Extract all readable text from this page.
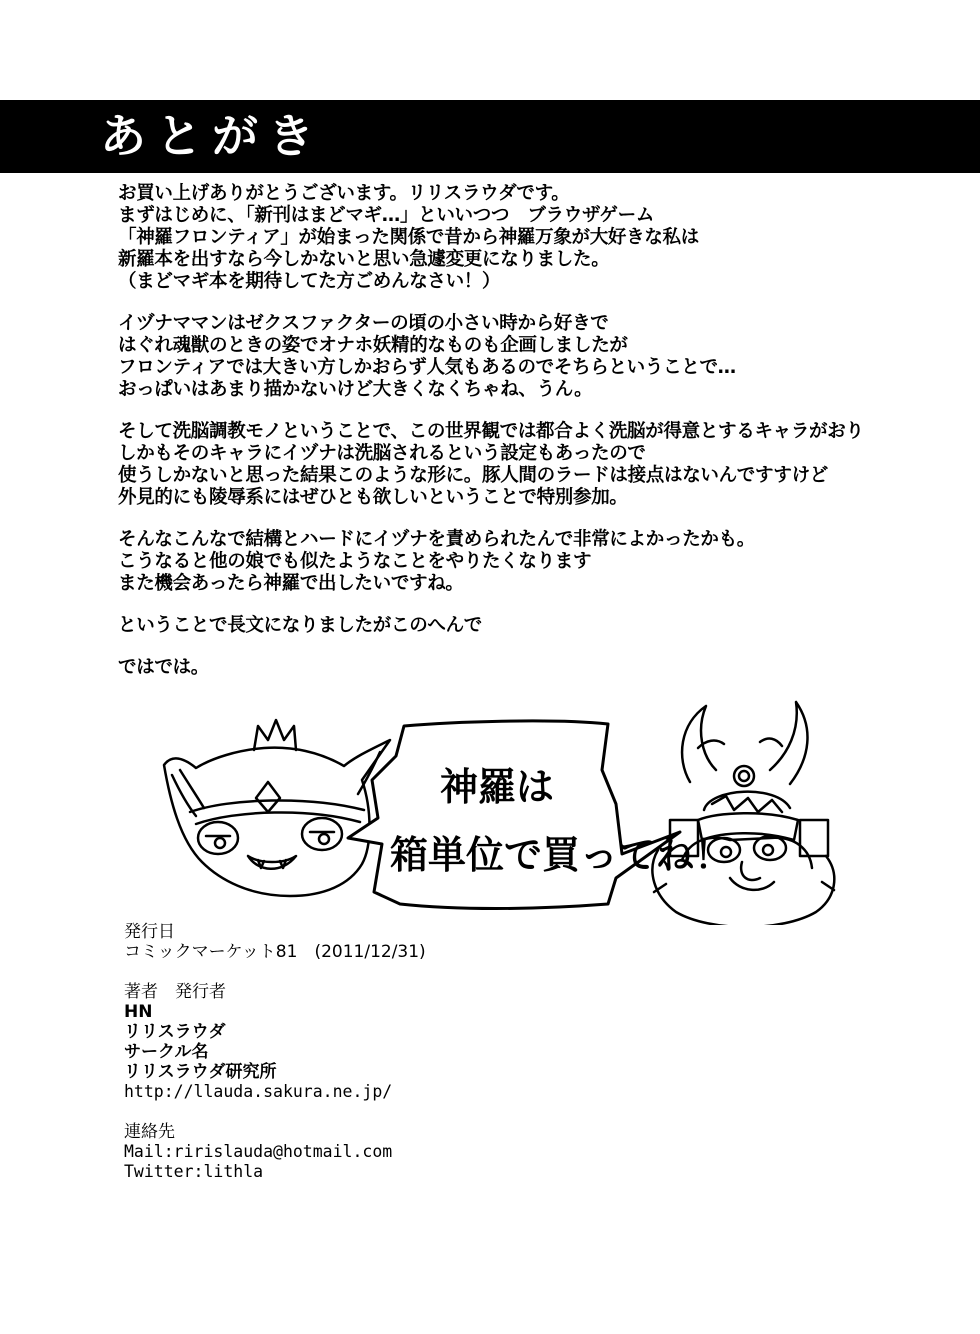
あとがき

お買い上げありがとうございます。リリスラウダです。
まずはじめに、「新刊はまどマギ…」といいつつ　ブラウザゲーム
「神羅フロンティア」が始まった関係で昔から神羅万象が大好きな私は
新羅本を出すなら今しかないと思い急遽変更になりました。
（まどマギ本を期待してた方ごめんなさい！）

イヅナママンはゼクスファクターの頃の小さい時から好きで
はぐれ魂獣のときの姿でオナホ妖精的なものも企画しましたが
フロンティアでは大きい方しかおらず人気もあるのでそちらということで…
おっぱいはあまり描かないけど大きくなくちゃね、うん。

そして洗脳調教モノということで、この世界観では都合よく洗脳が得意とするキャラがおり
しかもそのキャラにイヅナは洗脳されるという設定もあったので
使うしかないと思った結果このような形に。豚人間のラードは接点はないんですすけど
外見的にも陵辱系にはぜひとも欲しいということで特別参加。

そんなこんなで結構とハードにイヅナを責められたんで非常によかったかも。
こうなると他の娘でも似たようなことをやりたくなります
また機会あったら神羅で出したいですね。

ということで長文になりましたがこのへんで

ではでは。

神羅は
箱単位で買ってね！
発行日
コミックマーケット81　(2011/12/31)
著者　発行者
HN
リリスラウダ
サークル名
リリスラウダ研究所
http://llauda.sakura.ne.jp/
連絡先
Mail:ririslauda@hotmail.com
Twitter:lithla
